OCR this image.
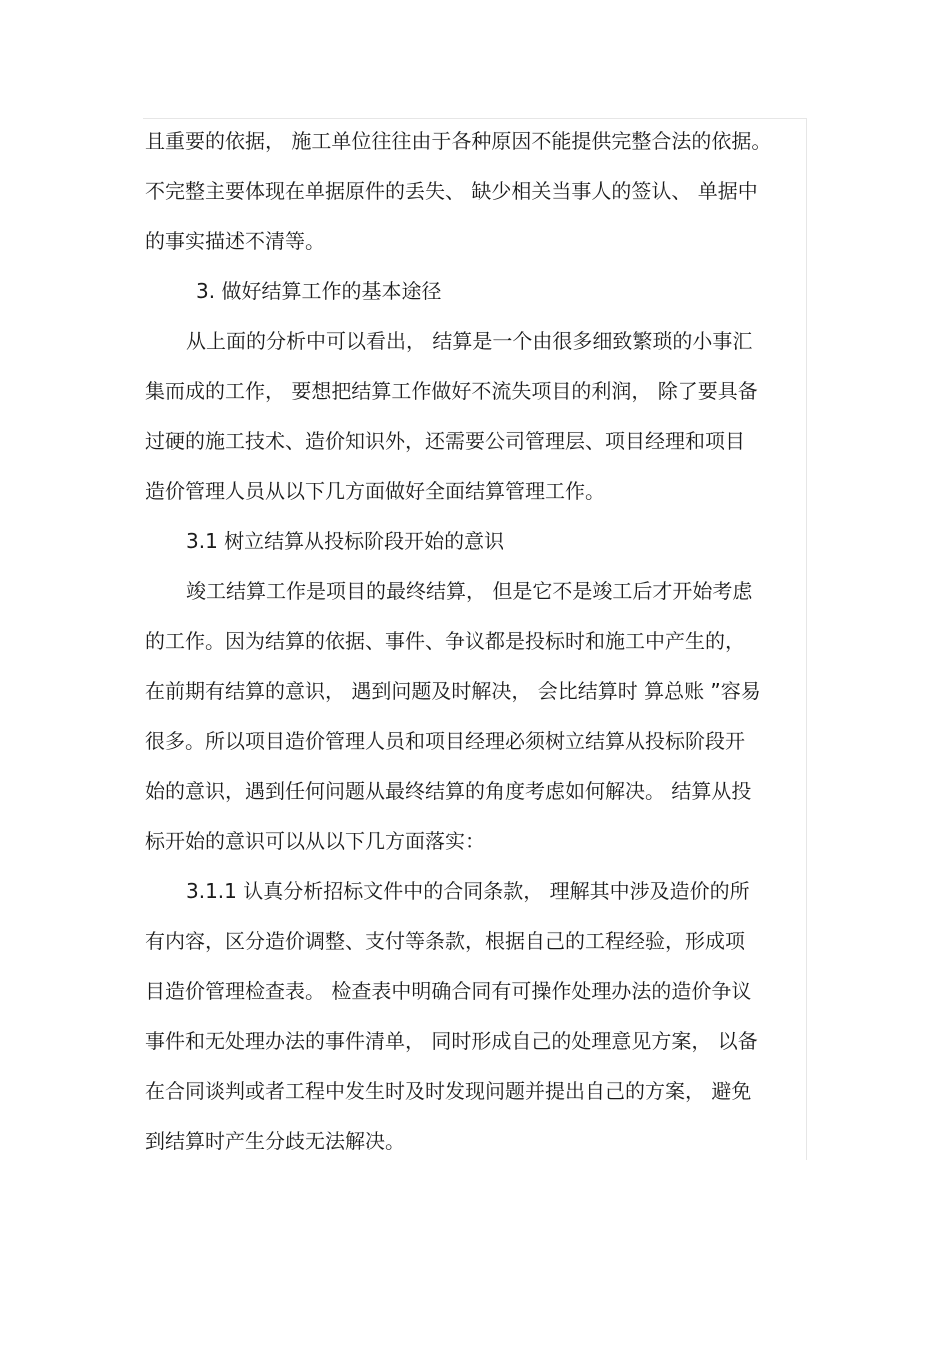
且重要的依据， 施工单位往往由于各种原因不能提供完整合法的依据。
不完整主要体现在单据原件的丢失、 缺少相关当事人的签认、 单据中
的事实描述不清等。
3. 做好结算工作的基本途径
从上面的分析中可以看出， 结算是一个由很多细致繁琐的小事汇
集而成的工作， 要想把结算工作做好不流失项目的利润， 除了要具备
过硬的施工技术、造价知识外，还需要公司管理层、项目经理和项目
造价管理人员从以下几方面做好全面结算管理工作。
3.1 树立结算从投标阶段开始的意识
竣工结算工作是项目的最终结算， 但是它不是竣工后才开始考虑
的工作。因为结算的依据、事件、争议都是投标时和施工中产生的，
在前期有结算的意识， 遇到问题及时解决， 会比结算时 算总账 ”容易
很多。所以项目造价管理人员和项目经理必须树立结算从投标阶段开
始的意识，遇到任何问题从最终结算的角度考虑如何解决。 结算从投
标开始的意识可以从以下几方面落实：
3.1.1 认真分析招标文件中的合同条款， 理解其中涉及造价的所
有内容，区分造价调整、支付等条款，根据自己的工程经验，形成项
目造价管理检查表。 检查表中明确合同有可操作处理办法的造价争议
事件和无处理办法的事件清单， 同时形成自己的处理意见方案， 以备
在合同谈判或者工程中发生时及时发现问题并提出自己的方案， 避免
到结算时产生分歧无法解决。
